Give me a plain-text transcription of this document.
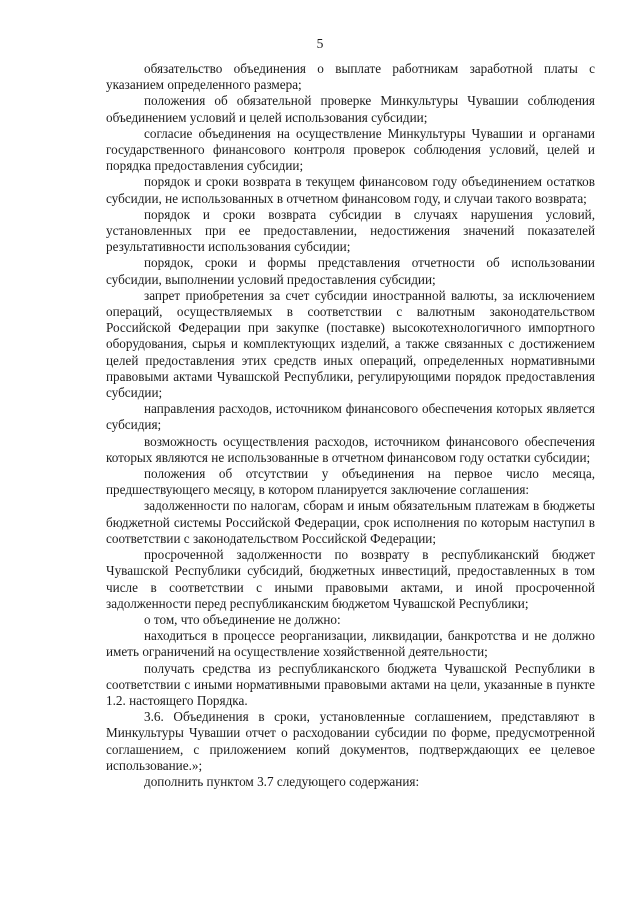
5

обязательство объединения о выплате работникам заработной платы с указанием определенного размера;

положения об обязательной проверке Минкультуры Чувашии соблюдения объединением условий и целей использования субсидии;

согласие объединения на осуществление Минкультуры Чувашии и органами государственного финансового контроля проверок соблюдения условий, целей и порядка предоставления субсидии;

порядок и сроки возврата в текущем финансовом году объединением остатков субсидии, не использованных в отчетном финансовом году, и случаи такого возврата;

порядок и сроки возврата субсидии в случаях нарушения условий, установленных при ее предоставлении, недостижения значений показателей результативности использования субсидии;

порядок, сроки и формы представления отчетности об использовании субсидии, выполнении условий предоставления субсидии;

запрет приобретения за счет субсидии иностранной валюты, за исключением операций, осуществляемых в соответствии с валютным законодательством Российской Федерации при закупке (поставке) высокотехнологичного импортного оборудования, сырья и комплектующих изделий, а также связанных с достижением целей предоставления этих средств иных операций, определенных нормативными правовыми актами Чувашской Республики, регулирующими порядок предоставления субсидии;

направления расходов, источником финансового обеспечения которых является субсидия;

возможность осуществления расходов, источником финансового обеспечения которых являются не использованные в отчетном финансовом году остатки субсидии;

положения об отсутствии у объединения на первое число месяца, предшествующего месяцу, в котором планируется заключение соглашения:

задолженности по налогам, сборам и иным обязательным платежам в бюджеты бюджетной системы Российской Федерации, срок исполнения по которым наступил в соответствии с законодательством Российской Федерации;

просроченной задолженности по возврату в республиканский бюджет Чувашской Республики субсидий, бюджетных инвестиций, предоставленных в том числе в соответствии с иными правовыми актами, и иной просроченной задолженности перед республиканским бюджетом Чувашской Республики;

о том, что объединение не должно:

находиться в процессе реорганизации, ликвидации, банкротства и не должно иметь ограничений на осуществление хозяйственной деятельности;

получать средства из республиканского бюджета Чувашской Республики в соответствии с иными нормативными правовыми актами на цели, указанные в пункте 1.2. настоящего Порядка.

3.6. Объединения в сроки, установленные соглашением, представляют в Минкультуры Чувашии отчет о расходовании субсидии по форме, предусмотренной соглашением, с приложением копий документов, подтверждающих ее целевое использование.»;

дополнить пунктом 3.7 следующего содержания:
